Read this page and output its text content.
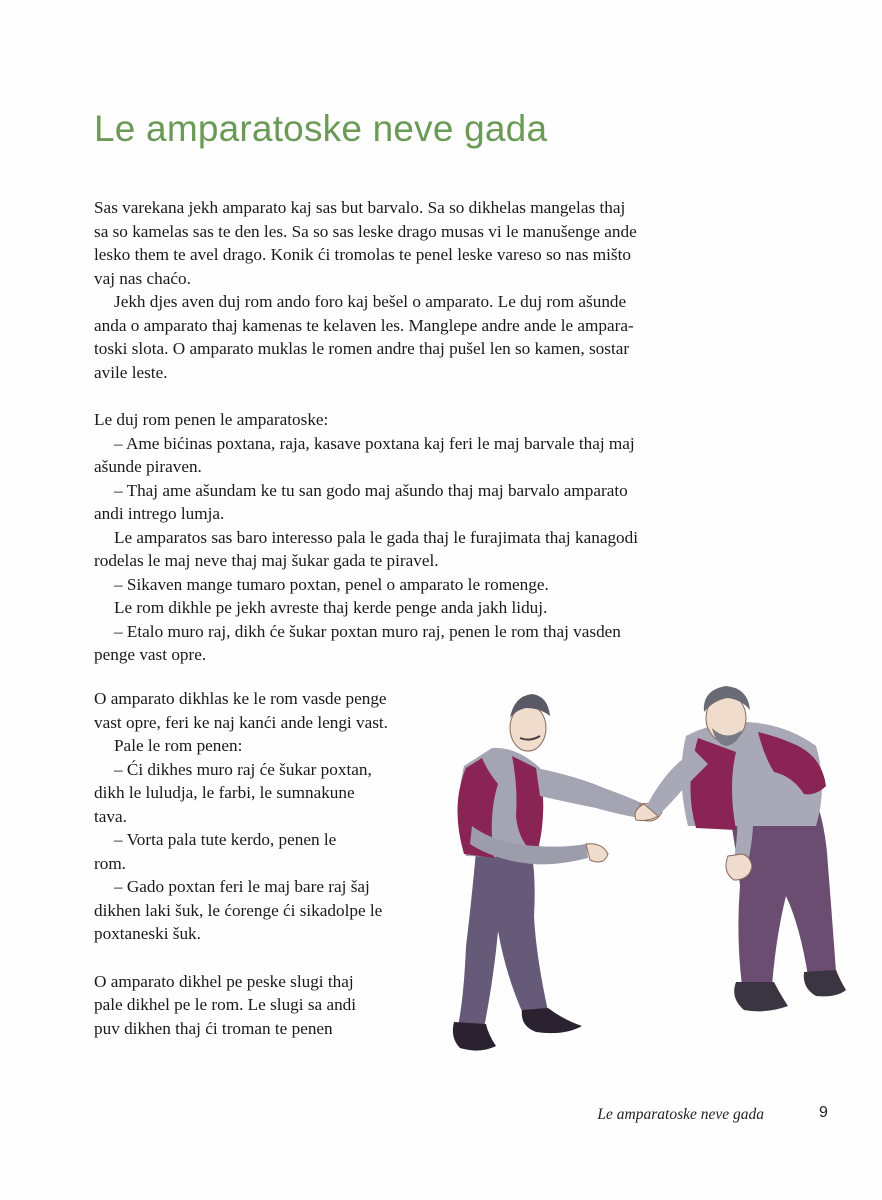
Le amparatoske neve gada

Sas varekana jekh amparato kaj sas but barvalo. Sa so dikhelas mangelas thaj
sa so kamelas sas te den les. Sa so sas leske drago musas vi le manušenge ande
lesko them te avel drago. Konik ći tromolas te penel leske vareso so nas mišto
vaj nas chaćo.

Jekh djes aven duj rom ando foro kaj bešel o amparato. Le duj rom ašunde
anda o amparato thaj kamenas te kelaven les. Manglepe andre ande le ampara-
toski slota. O amparato muklas le romen andre thaj pušel len so kamen, sostar
avile leste.

Le duj rom penen le amparatoske:

– Ame bićinas poxtana, raja, kasave poxtana kaj feri le maj barvale thaj maj
ašunde piraven.

– Thaj ame ašundam ke tu san godo maj ašundo thaj maj barvalo amparato
andi intrego lumja.

Le amparatos sas baro interesso pala le gada thaj le furajimata thaj kanagodi
rodelas le maj neve thaj maj šukar gada te piravel.

– Sikaven mange tumaro poxtan, penel o amparato le romenge.

Le rom dikhle pe jekh avreste thaj kerde penge anda jakh liduj.

– Etalo muro raj, dikh će šukar poxtan muro raj, penen le rom thaj vasden
penge vast opre.

O amparato dikhlas ke le rom vasde penge
vast opre, feri ke naj kanći ande lengi vast.

Pale le rom penen:

– Ći dikhes muro raj će šukar poxtan,
dikh le luludja, le farbi, le sumnakune
tava.

– Vorta pala tute kerdo, penen le
rom.

– Gado poxtan feri le maj bare raj šaj
dikhen laki šuk, le ćorenge ći sikadolpe le
poxtaneski šuk.

O amparato dikhel pe peske slugi thaj
pale dikhel pe le rom. Le slugi sa andi
puv dikhen thaj ći troman te penen

Le amparatoske neve gada	9
